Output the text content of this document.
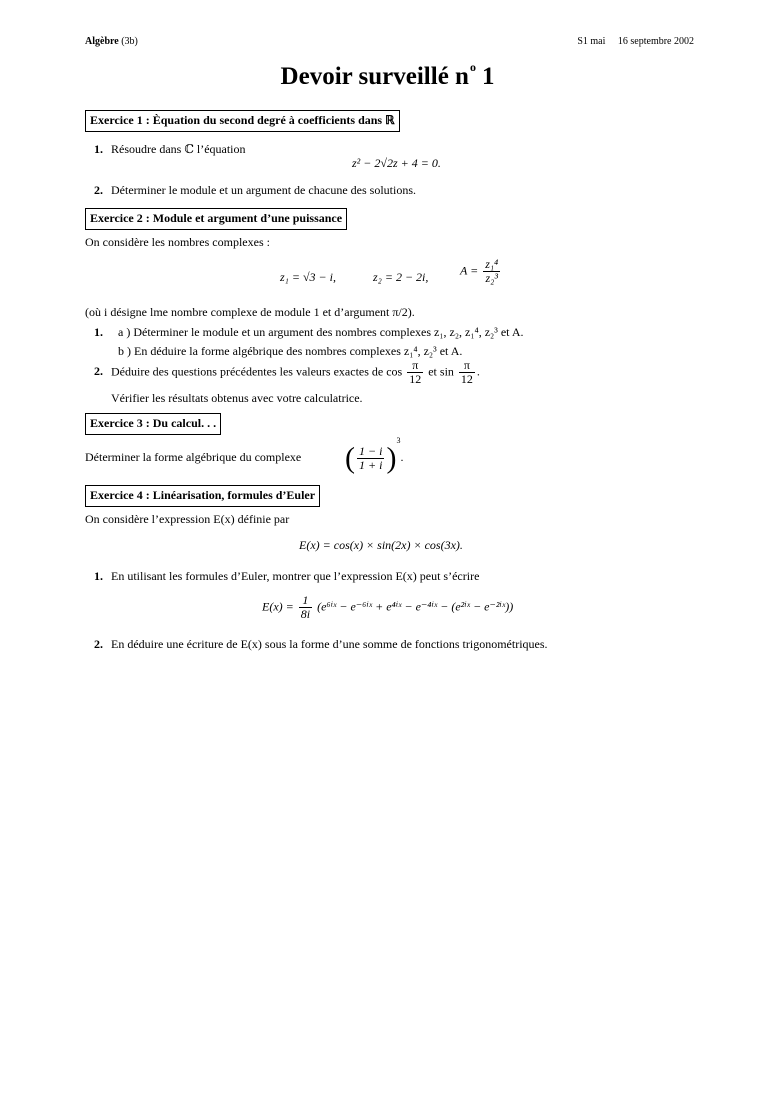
Algèbre (3b)	S1 mai 16 septembre 2002
Devoir surveillé $n^o$ 1
Exercice 1 : Èquation du second degré à coefficients dans ℝ
1. Résoudre dans ℂ l’équation
z² − 2√2z + 4 = 0.
2. Déterminer le module et un argument de chacune des solutions.
Exercice 2 : Module et argument d’une puissance
On considère les nombres complexes :
z₁ = √3 − i,	z₂ = 2 − 2i,	$A = \frac{\text{z₁⁴}}{\text{z₂³}}$
(où i désigne lme nombre complexe de module 1 et d’argument π/2).
1.	a ) Déterminer le module et un argument des nombres complexes z₁, z₂, z₁⁴, z₂³ et A.
b ) En déduire la forme algébrique des nombres complexes z₁⁴, z₂³ et A.
2. Déduire des questions précédentes les valeurs exactes de $\cos \frac{\pi}{12}$ et $\sin \frac{\pi}{12}$ .
Vérifier les résultats obtenus avec votre calculatrice.
Exercice 3 : Du calcul. . .
Déterminer la forme algébrique du complexe ( $\frac{1 - i}{1 + i} )^3$.
Exercice 4 : Linéarisation, formules d’Euler
On considère l’expression E(x) définie par
E(x) = cos(x) × sin(2x) × cos(3x).
1. En utilisant les formules d’Euler, montrer que l’expression E(x) peut s’écrire
$E(x) = \frac{1}{8i}$ (e⁶ⁱˣ − e⁻⁶ⁱˣ + e⁴ⁱˣ − e⁻⁴ⁱˣ − (e²ⁱˣ − e⁻²ⁱˣ))
2. En déduire une écriture de E(x) sous la forme d’une somme de fonctions trigonométriques.
